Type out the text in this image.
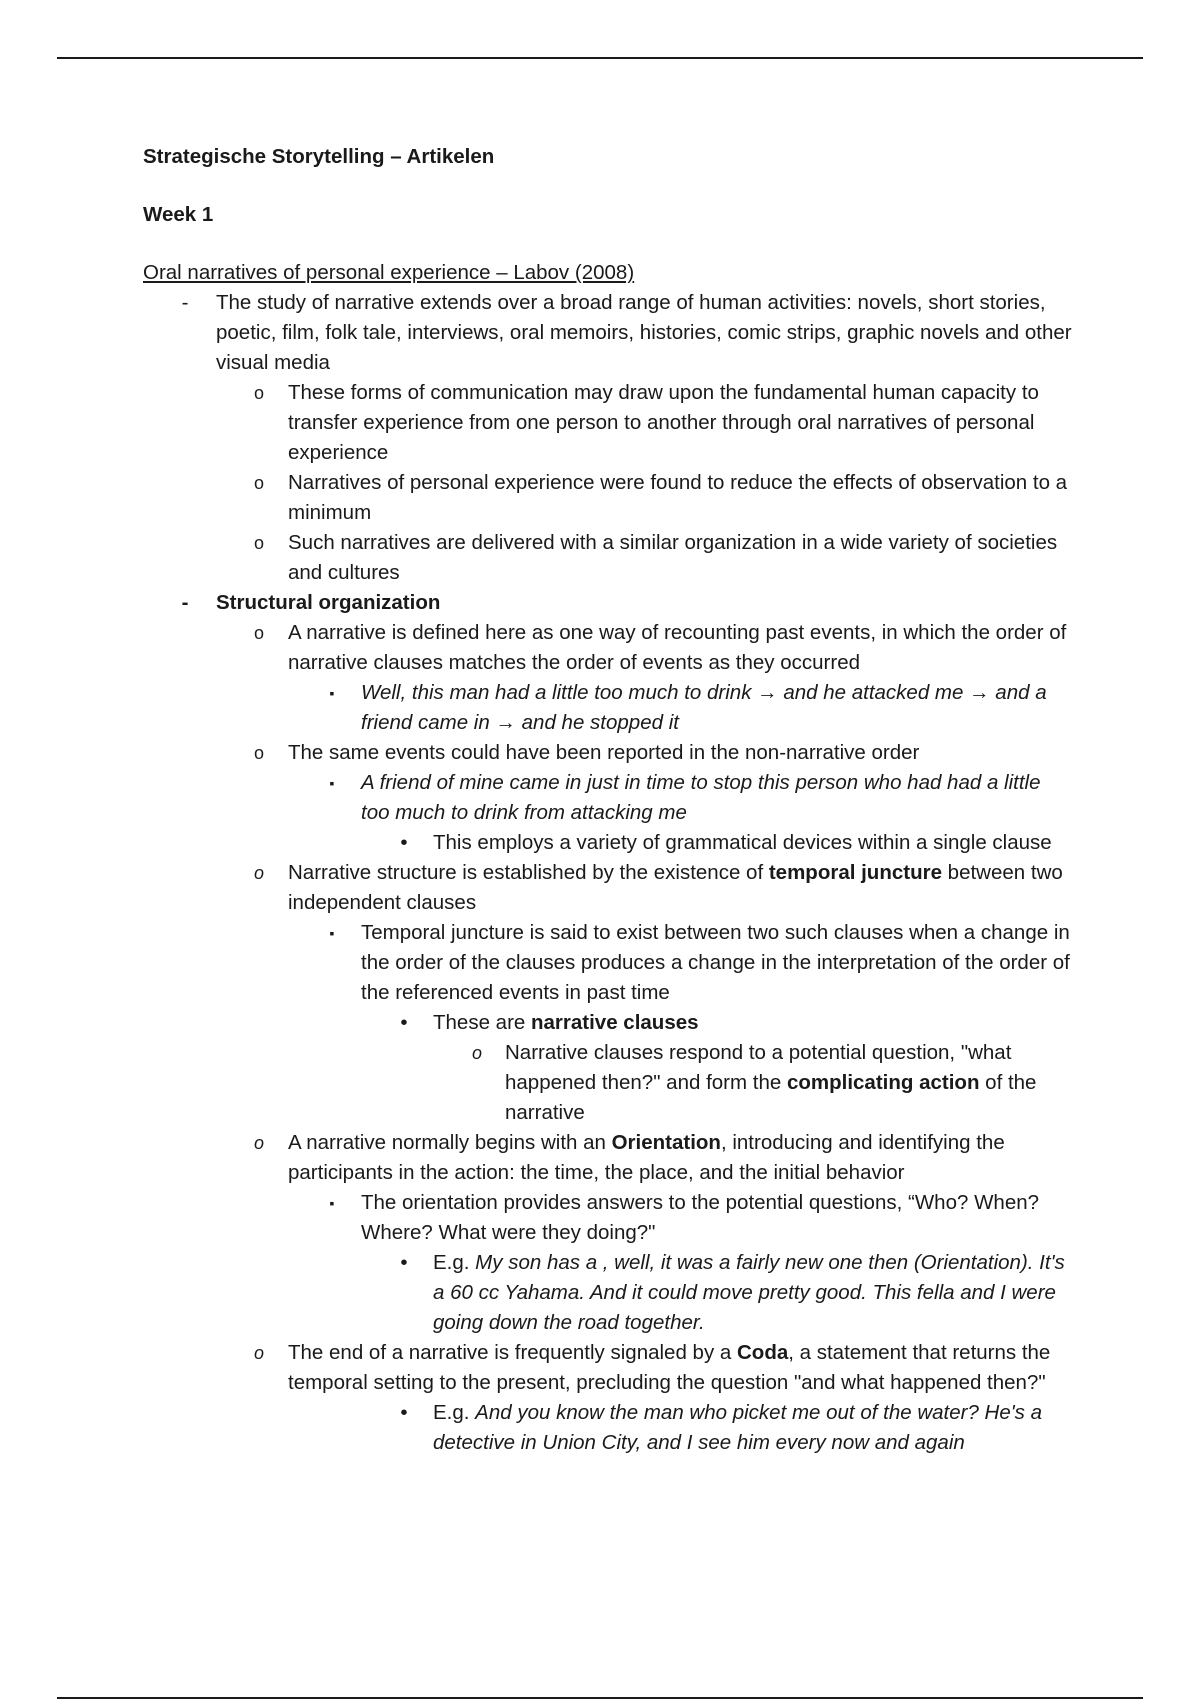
Strategische Storytelling – Artikelen

Week 1

Oral narratives of personal experience – Labov (2008)
-	The study of narrative extends over a broad range of human activities: novels, short stories, poetic, film, folk tale, interviews, oral memoirs, histories, comic strips, graphic novels and other visual media
o These forms of communication may draw upon the fundamental human capacity to transfer experience from one person to another through oral narratives of personal experience
o Narratives of personal experience were found to reduce the effects of observation to a minimum
o Such narratives are delivered with a similar organization in a wide variety of societies and cultures
-	Structural organization
o A narrative is defined here as one way of recounting past events, in which the order of narrative clauses matches the order of events as they occurred
▪	Well, this man had a little too much to drink → and he attacked me → and a friend came in → and he stopped it
o The same events could have been reported in the non-narrative order
▪	A friend of mine came in just in time to stop this person who had had a little too much to drink from attacking me
•	This employs a variety of grammatical devices within a single clause
o Narrative structure is established by the existence of temporal juncture between two independent clauses
▪	Temporal juncture is said to exist between two such clauses when a change in the order of the clauses produces a change in the interpretation of the order of the referenced events in past time
•	These are narrative clauses
o Narrative clauses respond to a potential question, "what happened then?" and form the complicating action of the narrative
o A narrative normally begins with an Orientation, introducing and identifying the participants in the action: the time, the place, and the initial behavior
▪	The orientation provides answers to the potential questions, “Who? When? Where? What were they doing?"
•	E.g. My son has a , well, it was a fairly new one then (Orientation). It's a 60 cc Yahama. And it could move pretty good. This fella and I were going down the road together.
o The end of a narrative is frequently signaled by a Coda, a statement that returns the temporal setting to the present, precluding the question "and what happened then?"
•	E.g. And you know the man who picket me out of the water? He's a detective in Union City, and I see him every now and again
